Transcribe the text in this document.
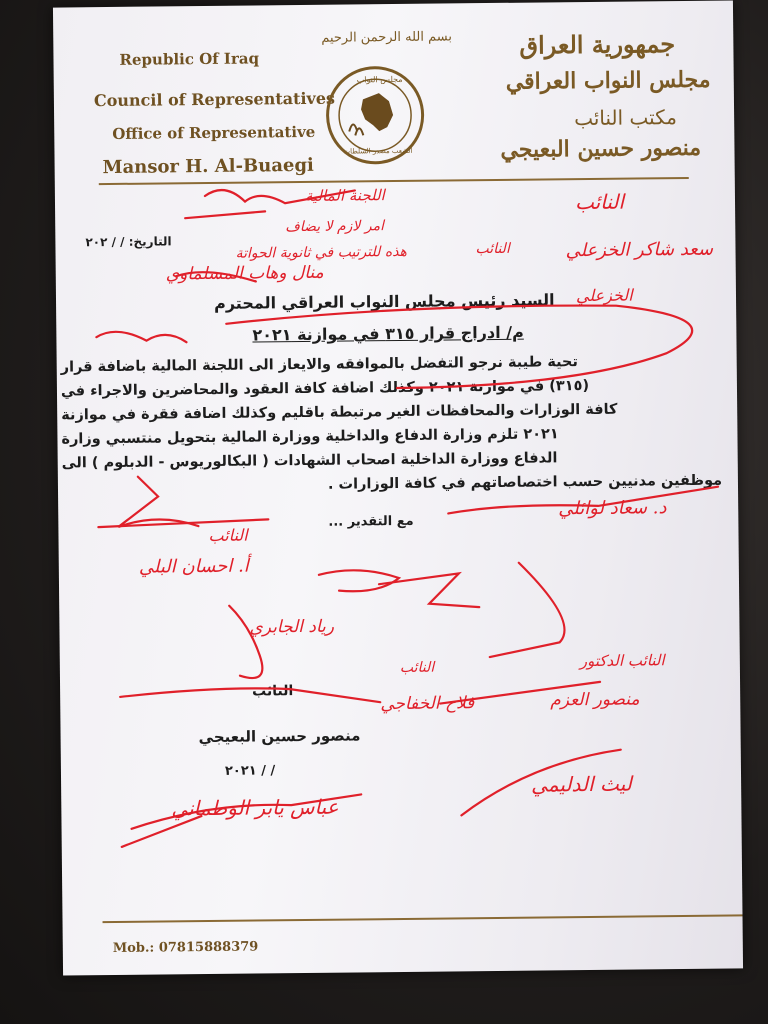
Republic Of Iraq
Council of Representatives
Office of Representative
Mansor H. Al-Buaegi
بسم الله الرحمن الرحيم
مجلس النواب
الشعب مصدر السلطات
جمهورية العراق
مجلس النواب العراقي
مكتب النائب
منصور حسين البعيجي
التاريخ: / / ٢٠٢
السيد رئيس مجلس النواب العراقي المحترم
م/ ادراج قرار ٣١٥ في موازنة ٢٠٢١
تحية طيبة نرجو التفضل بالموافقه والايعاز الى اللجنة المالية باضافة قرار
(٣١٥) في موازنة ٢٠٢١ وكذلك اضافة كافة العقود والمحاضرين والاجراء في
كافة الوزارات والمحافظات الغير مرتبطة باقليم وكذلك اضافة فقرة في موازنة
٢٠٢١ تلزم وزارة الدفاع والداخلية ووزارة المالية بتحويل منتسبي وزارة
الدفاع ووزارة الداخلية اصحاب الشهادات ( البكالوريوس - الدبلوم ) الى
موظفين مدنيين حسب اختصاصاتهم في كافة الوزارات .
مع التقدير ...
النائب
منصور حسين البعيجي
/ / ٢٠٢١
Mob.: 07815888379
اللجنة المالية
امر لازم لا يضاف
هذه للترتيب في ثانوية الحواتة	النائب
منال وهاب المسلماوي
النائب
سعد شاكر الخزعلي
النائب
أ. احسان البلي
رياد الجابري
د. سعاد لوائلي
النائب
فلاح الخفاجي
النائب الدكتور
منصور العزم
ليث الدليمي
عباس يابر الوطماني
الخزعلي
